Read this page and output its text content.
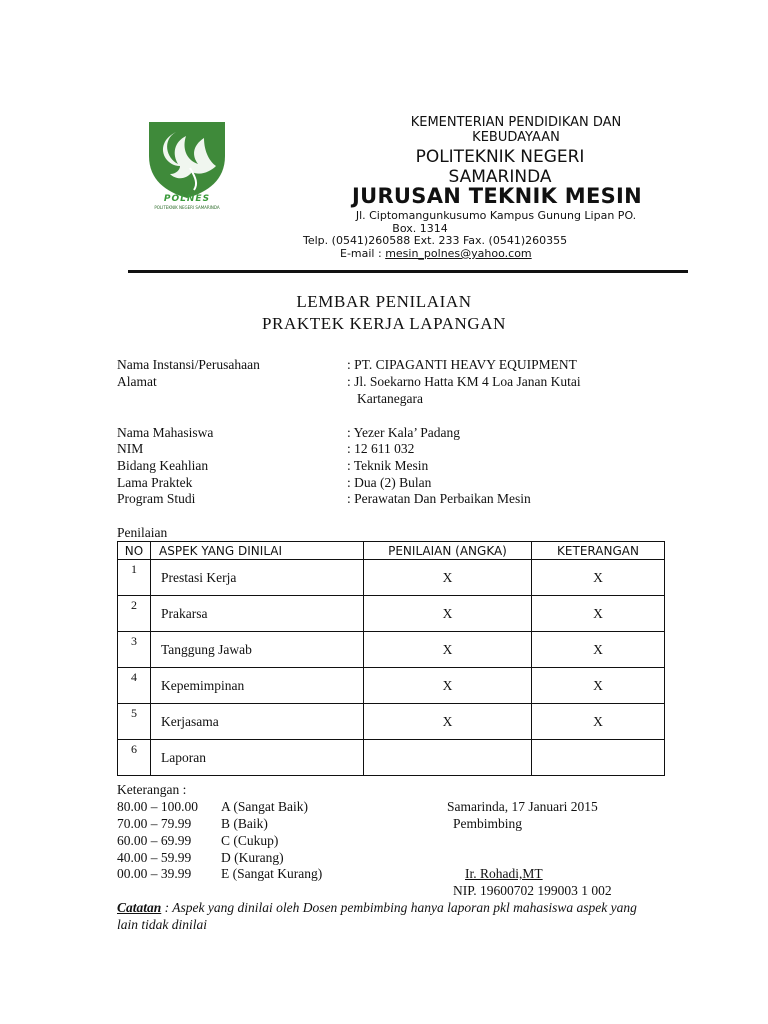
POLNES
POLITEKNIK NEGERI SAMARINDA
KEMENTERIAN PENDIDIKAN DAN
KEBUDAYAAN
POLITEKNIK NEGERI
SAMARINDA
JURUSAN TEKNIK MESIN
Jl. Ciptomangunkusumo Kampus Gunung Lipan PO.
Box. 1314
Telp. (0541)260588 Ext. 233 Fax. (0541)260355
E-mail : mesin_polnes@yahoo.com
LEMBAR PENILAIAN
PRAKTEK KERJA LAPANGAN
Nama Instansi/Perusahaan	: PT. CIPAGANTI HEAVY EQUIPMENT
Alamat	: Jl. Soekarno Hatta KM 4 Loa Janan Kutai
Kartanegara
Nama Mahasiswa	: Yezer Kala’ Padang
NIM	: 12 611 032
Bidang Keahlian	: Teknik Mesin
Lama Praktek	: Dua (2) Bulan
Program Studi	: Perawatan Dan Perbaikan Mesin
Penilaian
NO	ASPEK YANG DINILAI	PENILAIAN (ANGKA)	KETERANGAN
1	Prestasi Kerja	X	X
2	Prakarsa	X	X
3	Tanggung Jawab	X	X
4	Kepemimpinan	X	X
5	Kerjasama	X	X
6	Laporan		
Keterangan :
80.00 – 100.00 A (Sangat Baik)
70.00 – 79.99 B (Baik)
60.00 – 69.99 C (Cukup)
40.00 – 59.99 D (Kurang)
00.00 – 39.99 E (Sangat Kurang)
Samarinda, 17 Januari 2015
Pembimbing
Ir. Rohadi,MT
NIP. 19600702 199003 1 002
Catatan : Aspek yang dinilai oleh Dosen pembimbing hanya laporan pkl mahasiswa aspek yang lain tidak dinilai
